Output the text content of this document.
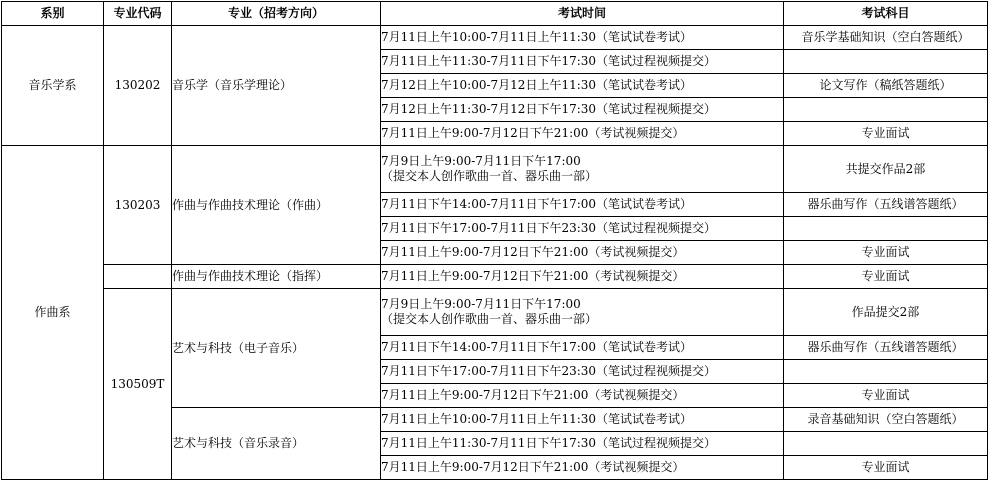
系别	专业代码	专业（招考方向）	考试时间	考试科目
音乐学系	130202	音乐学（音乐学理论）	7月11日上午10:00-7月11日上午11:30（笔试试卷考试）	音乐学基础知识（空白答题纸）
			7月11日上午11:30-7月11日下午17:30（笔试过程视频提交）	
			7月12日上午10:00-7月12日上午11:30（笔试试卷考试）	论文写作（稿纸答题纸）
			7月12日上午11:30-7月12日下午17:30（笔试过程视频提交）	
			7月11日上午9:00-7月12日下午21:00（考试视频提交）	专业面试
作曲系	130203	作曲与作曲技术理论（作曲）	7月9日上午9:00-7月11日下午17:00
（提交本人创作歌曲一首、器乐曲一部）	共提交作品2部
			7月11日下午14:00-7月11日下午17:00（笔试试卷考试）	器乐曲写作（五线谱答题纸）
			7月11日下午17:00-7月11日下午23:30（笔试过程视频提交）	
			7月11日上午9:00-7月12日下午21:00（考试视频提交）	专业面试
		作曲与作曲技术理论（指挥）	7月11日上午9:00-7月12日下午21:00（考试视频提交）	专业面试
	130509T	艺术与科技（电子音乐）	7月9日上午9:00-7月11日下午17:00
（提交本人创作歌曲一首、器乐曲一部）	作品提交2部
			7月11日下午14:00-7月11日下午17:00（笔试试卷考试）	器乐曲写作（五线谱答题纸）
			7月11日下午17:00-7月11日下午23:30（笔试过程视频提交）	
			7月11日上午9:00-7月12日下午21:00（考试视频提交）	专业面试
		艺术与科技（音乐录音）	7月11日上午10:00-7月11日上午11:30（笔试试卷考试）	录音基础知识（空白答题纸）
			7月11日上午11:30-7月11日下午17:30（笔试过程视频提交）	
			7月11日上午9:00-7月12日下午21:00（考试视频提交）	专业面试
